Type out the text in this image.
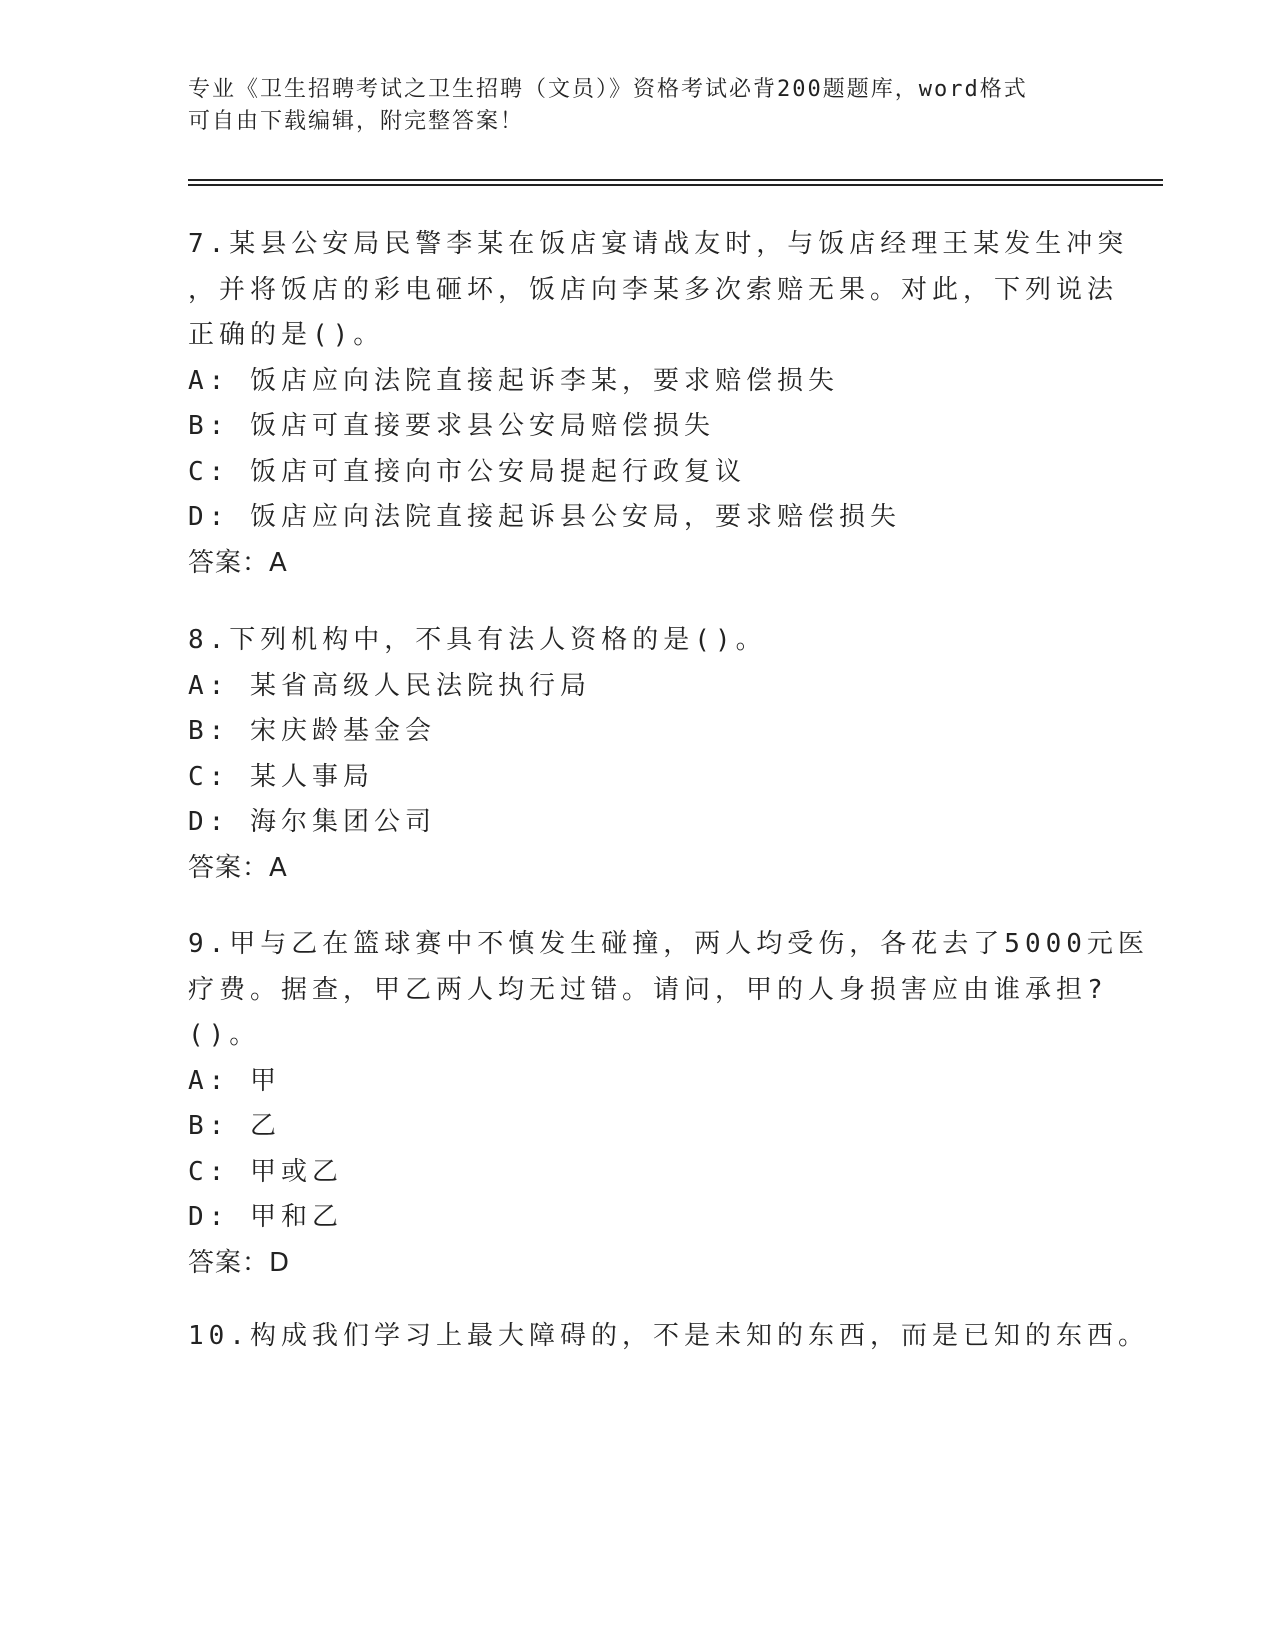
专业《卫生招聘考试之卫生招聘（文员）》资格考试必背200题题库，word格式
可自由下载编辑，附完整答案！
7.某县公安局民警李某在饭店宴请战友时，与饭店经理王某发生冲突
，并将饭店的彩电砸坏，饭店向李某多次索赔无果。对此，下列说法
正确的是()。
A: 饭店应向法院直接起诉李某，要求赔偿损失
B: 饭店可直接要求县公安局赔偿损失
C: 饭店可直接向市公安局提起行政复议
D: 饭店应向法院直接起诉县公安局，要求赔偿损失
答案：A
8.下列机构中，不具有法人资格的是()。
A: 某省高级人民法院执行局
B: 宋庆龄基金会
C: 某人事局
D: 海尔集团公司
答案：A
9.甲与乙在篮球赛中不慎发生碰撞，两人均受伤，各花去了5000元医
疗费。据查，甲乙两人均无过错。请问，甲的人身损害应由谁承担?
()。
A: 甲
B: 乙
C: 甲或乙
D: 甲和乙
答案：D
10.构成我们学习上最大障碍的，不是未知的东西，而是已知的东西。
